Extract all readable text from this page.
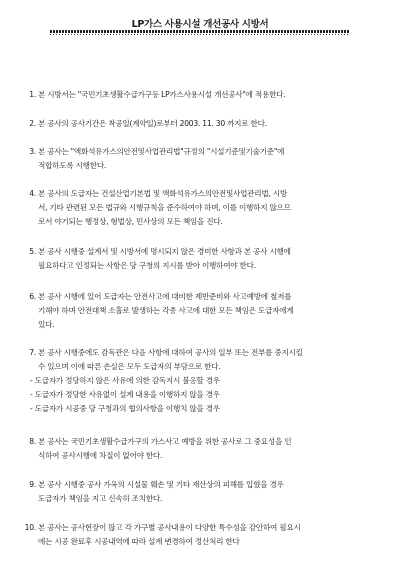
LP가스 사용시설 개선공사 시방서
1. 본 시방서는 "국민기초생활수급가구등 LP가스사용시설 개선공사"에 적용한다.
2. 본 공사의 공사기간은 착공일(계약일)로부터 2003. 11. 30 까지로 한다.
3. 본 공사는 "액화석유가스의안전및사업관리법"규정의 "시설기준및기술기준"에
적합하도록 시행한다.
4. 본 공사의 도급자는 건설산업기본법 및 액화석유가스의안전및사업관리법, 시방
서, 기타 관련된 모든 법규와 시행규칙을 준수하여야 하며, 이를 이행하지 않으므
로서 야기되는 행정상, 형법상, 민사상의 모든 책임을 진다.
5. 본 공사 시행중 설계서 및 시방서에 명시되지 않은 경미한 사항과 본 공사 시행에
필요하다고 인정되는 사항은 당 구청의 지시를 받아 이행하여야 한다.
6. 본 공사 시행에 있어 도급자는 안전사고에 대비한 제반준비와 사고예방에 철저를
기해야 하며 안전대책 소홀로 발생하는 각종 사고에 대한 모든 책임은 도급자에게
있다.
7. 본 공사 시행중에도 감독관은 다음 사항에 대하여 공사의 일부 또는 전부를 중지시킬
수 있으며 이에 따른 손실은 모두 도급자의 부담으로 한다.
- 도급자가 정당하지 않은 사유에 의한 감독지시 불응할 경우
- 도급자가 정당한 사유없이 설계 내용을 이행하지 않을 경우
- 도급자가 시공중 당 구청과의 협의사항을 이행치 않을 경우
8. 본 공사는 국민기초생활수급가구의 가스사고 예방을 위한 공사로 그 중요성을 인
식하여 공사시행에 차질이 없어야 한다.
9. 본 공사 시행중 공사 가옥의 시설물 훼손 및 기타 재산상의 피해를 입혔을 경우
도급자가 책임을 지고 신속히 조치한다.
10. 본 공사는 공사현장이 많고 각 가구별 공사내용이 다양한 특수성을 감안하여 필요시
에는 시공 완료후 시공내역에 따라 설계 변경하여 정산처리 한다
